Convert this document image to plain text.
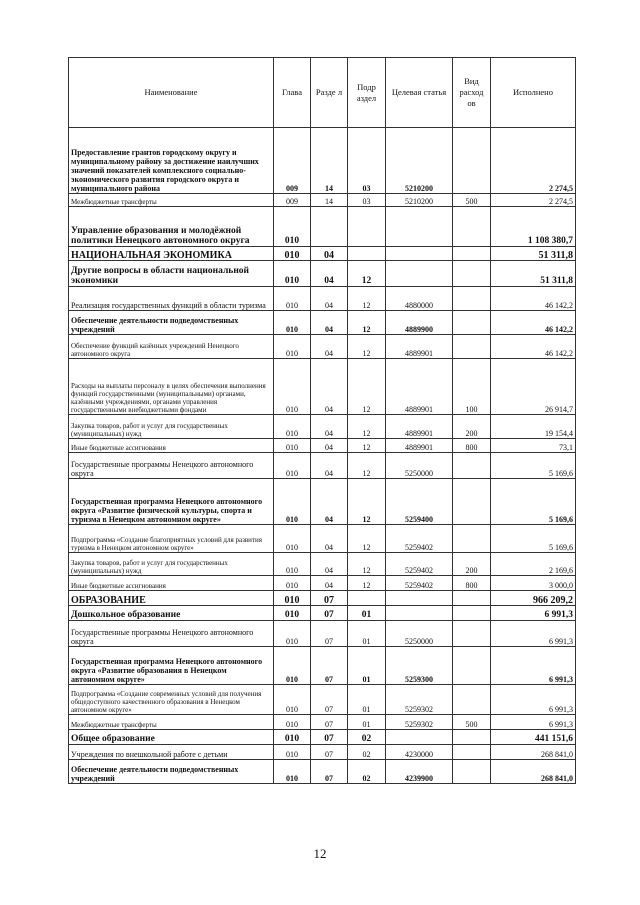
Наименование	Глава	Разде л	Подр аздел	Целевая статья	Вид расход ов	Исполнено
Предоставление грантов городскому округу и муниципальному району за достижение наилучших значений показателей комплексного социально-экономического развития городского округа и муниципального района	009	14	03	5210200		2 274,5
Межбюджетные трансферты	009	14	03	5210200	500	2 274,5
Управление образования и молодёжной политики Ненецкого автономного округа	010					1 108 380,7
НАЦИОНАЛЬНАЯ ЭКОНОМИКА	010	04				51 311,8
Другие вопросы в области национальной экономики	010	04	12			51 311,8
Реализация государственных функций в области туризма	010	04	12	4880000		46 142,2
Обеспечение деятельности подведомственных учреждений	010	04	12	4889900		46 142,2
Обеспечение функций казённых учреждений Ненецкого автономного округа	010	04	12	4889901		46 142,2
Расходы на выплаты персоналу в целях обеспечения выполнения функций государственными (муниципальными) органами, казёнными учреждениями, органами управления государственными внебюджетными фондами	010	04	12	4889901	100	26 914,7
Закупка товаров, работ и услуг для государственных (муниципальных) нужд	010	04	12	4889901	200	19 154,4
Иные бюджетные ассигнования	010	04	12	4889901	800	73,1
Государственные программы Ненецкого автономного округа	010	04	12	5250000		5 169,6
Государственная программа Ненецкого автономного округа «Развитие физической культуры, спорта и туризма в Ненецком автономном округе»	010	04	12	5259400		5 169,6
Подпрограмма «Создание благоприятных условий для развития туризма в Ненецком автономном округе»	010	04	12	5259402		5 169,6
Закупка товаров, работ и услуг для государственных (муниципальных) нужд	010	04	12	5259402	200	2 169,6
Иные бюджетные ассигнования	010	04	12	5259402	800	3 000,0
ОБРАЗОВАНИЕ	010	07				966 209,2
Дошкольное образование	010	07	01			6 991,3
Государственные программы Ненецкого автономного округа	010	07	01	5250000		6 991,3
Государственная программа Ненецкого автономного округа «Развитие образования в Ненецком автономном округе»	010	07	01	5259300		6 991,3
Подпрограмма «Создание современных условий для получения общедоступного качественного образования в Ненецком автономном округе»	010	07	01	5259302		6 991,3
Межбюджетные трансферты	010	07	01	5259302	500	6 991,3
Общее образование	010	07	02			441 151,6
Учреждения по внешкольной работе с детьми	010	07	02	4230000		268 841,0
Обеспечение деятельности подведомственных учреждений	010	07	02	4239900		268 841,0
12
